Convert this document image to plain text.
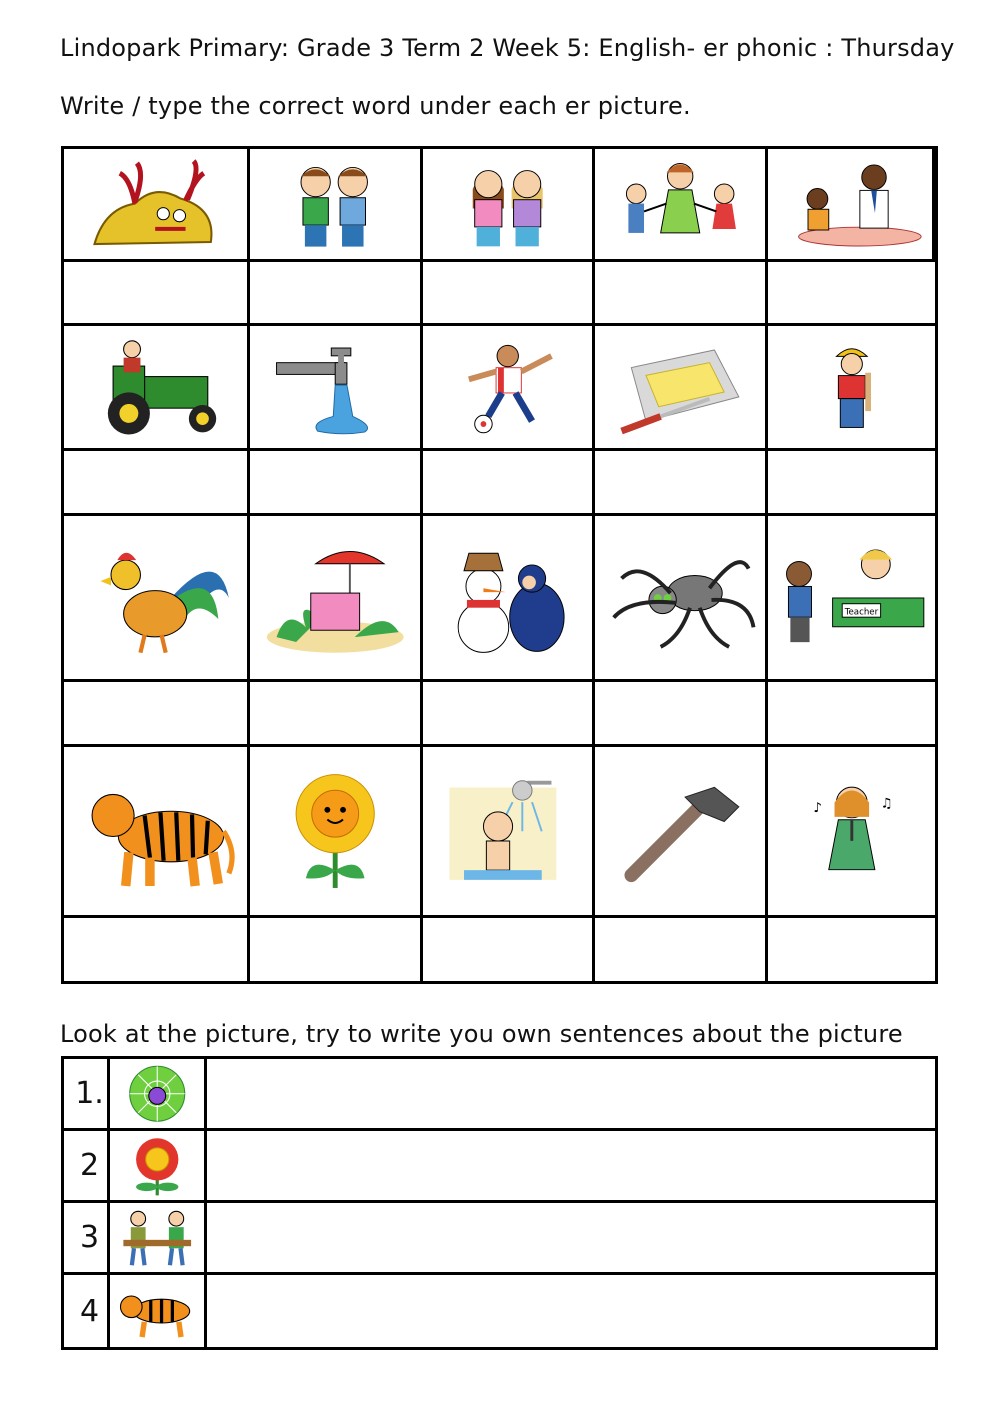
Lindopark Primary: Grade 3 Term 2 Week 5: English- er phonic : Thursday
Write / type the correct word under each er picture.
Teacher
♪	♫
Look at the picture, try to write you own sentences about the picture
1.
2
3
4
